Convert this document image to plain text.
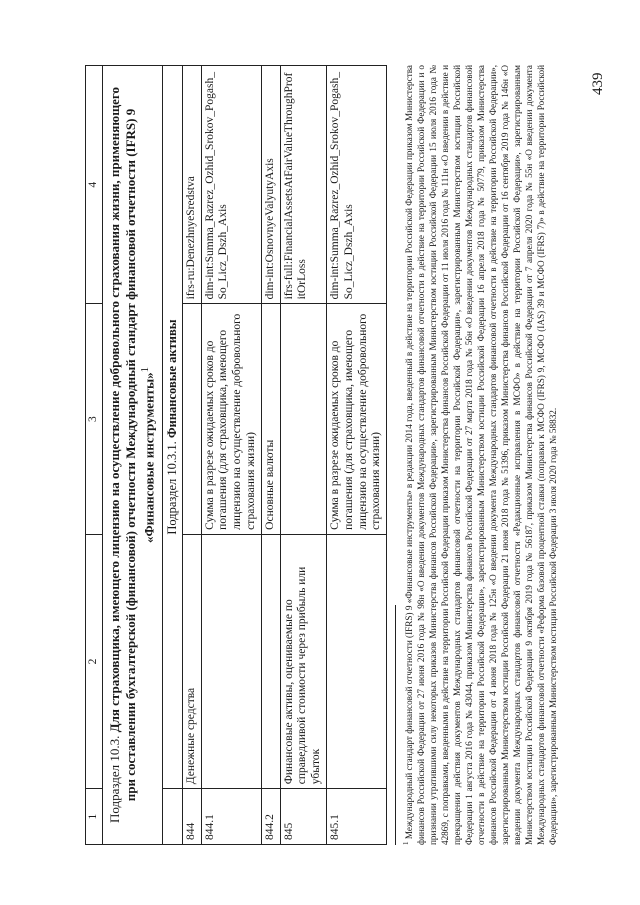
439
1	2	3	4
Подраздел 10.3. Для страховщика, имеющего лицензию на осуществление добровольного страхования жизни, применяющего при составлении бухгалтерской (финансовой) отчетности Международный стандарт финансовой отчетности (IFRS) 9 «Финансовые инструменты»$^1$
	Подраздел 10.3.1. Финансовые активы		
844	Денежные средства		ifrs-ru:DenezhnyeSredstva
844.1		Сумма в разрезе ожидаемых сроков до погашения (для страховщика, имеющего лицензию на осуществление добровольного страхования жизни)	dim-int:Summa_Razrez_Ozhid_Srokov_Pogash_So_Licz_Dszh_Axis
844.2		Основные валюты	dim-int:OsnovnyeValyutyAxis
845	Финансовые активы, оцениваемые по справедливой стоимости через прибыль или убыток		ifrs-full:FinancialAssetsAtFairValueThroughProfitOrLoss
845.1		Сумма в разрезе ожидаемых сроков до погашения (для страховщика, имеющего лицензию на осуществление добровольного страхования жизни)	dim-int:Summa_Razrez_Ozhid_Srokov_Pogash_So_Licz_Dszh_Axis
$^1$ Международный стандарт финансовой отчетности (IFRS) 9 «Финансовые инструменты» в редакции 2014 года, введенный в действие на территории Российской Федерации приказом Министерства финансов Российской Федерации от 27 июня 2016 года № 98н «О введении документов Международных стандартов финансовой отчетности в действие на территории Российской Федерации и о признании утратившими силу некоторых приказов Министерства финансов Российской Федерации», зарегистрированным Министерством юстиции Российской Федерации 15 июля 2016 года № 42869, с поправками, введенными в действие на территории Российской Федерации приказом Министерства финансов Российской Федерации от 11 июля 2016 года № 111н «О введении в действие и прекращении действия документов Международных стандартов финансовой отчетности на территории Российской Федерации», зарегистрированным Министерством юстиции Российской Федерации 1 августа 2016 года № 43044, приказом Министерства финансов Российской Федерации от 27 марта 2018 года № 56н «О введении документов Международных стандартов финансовой отчетности в действие на территории Российской Федерации», зарегистрированным Министерством юстиции Российской Федерации 16 апреля 2018 года № 50779, приказом Министерства финансов Российской Федерации от 4 июня 2018 года № 125н «О введении документа Международных стандартов финансовой отчетности в действие на территории Российской Федерации», зарегистрированным Министерством юстиции Российской Федерации 21 июня 2018 года № 51396, приказом Министерства финансов Российской Федерации от 16 сентября 2019 года № 146н «О введении документа Международных стандартов финансовой отчетности «Редакционные исправления в МСФО» в действие на территории Российской Федерации», зарегистрированным Министерством юстиции Российской Федерации 9 октября 2019 года № 56187, приказом Министерства финансов Российской Федерации от 7 апреля 2020 года № 55н «О введении документа Международных стандартов финансовой отчетности «Реформа базовой процентной ставки (поправки к МСФО (IFRS) 9, МСФО (IAS) 39 и МСФО (IFRS) 7)» в действие на территории Российской Федерации», зарегистрированным Министерством юстиции Российской Федерации 3 июля 2020 года № 58832.
